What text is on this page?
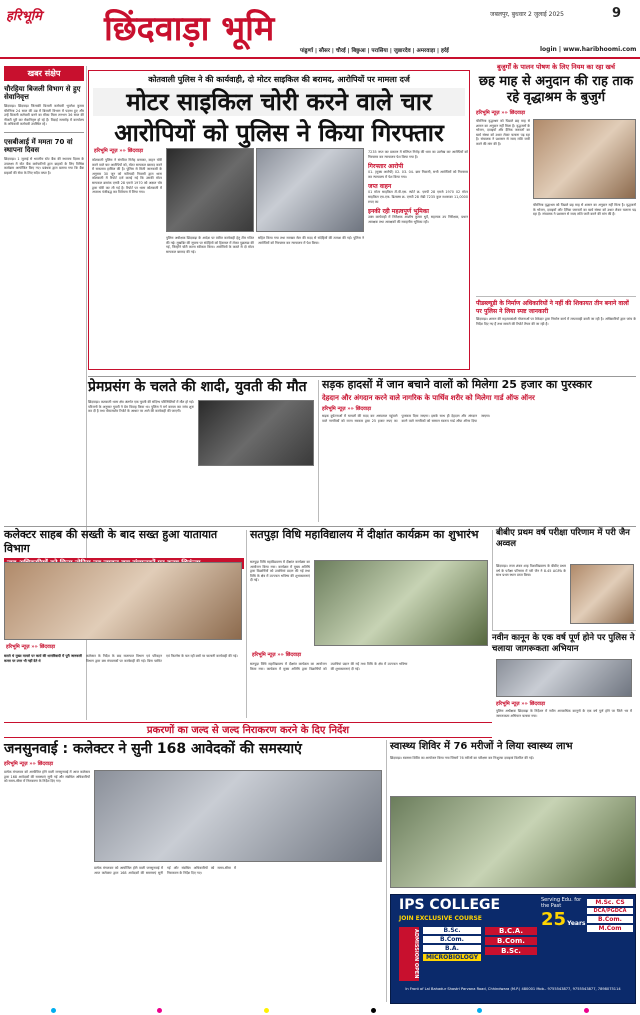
हरिभूमि छिंदवाड़ा भूमि	जबलपुर, बुधवार 2 जुलाई 2025	9
login | www.haribhoomi.com
पांढुर्णा | सौसर | चौरई | बिछुआ | परासिया | जुन्नारदेव | अमरवाड़ा | हर्रई
खबर संक्षेप
चौरहिया बिजली विभाग से हुए सेवानिवृत्त
छिंदवाड़ा। छिंदवाड़ा जिलाकी बिजली कर्मचारी भुवनेश कुमार चौरसिया 24 साल की उम्र में बिजली विभाग में पदस्थ हुए और उन्हें बिजली कर्मचारी बनने का मौका मिला लगभग 36 साल की नौकरी पूरी कर सेवानिवृत्त हो रहे हैं। विदाई समारोह में कार्यालय के अधिकारी कर्मचारी उपस्थित रहे।
एसबीआई में ममता 70 वां स्थापना दिवस
छिंदवाड़ा। 1 जुलाई से भारतीय स्टेट बैंक की स्थापना दिवस के उपलक्ष्य में स्टेट बैंक कर्मचारियों द्वारा ग्राहकों के लिए विभिन्न कार्यक्रम आयोजित किए गए। प्रबंधक द्वारा बताया गया कि बैंक ग्राहकों की सेवा के लिए सदैव तत्पर है।
कोतवाली पुलिस ने की कार्यवाही, दो मोटर साइकिल की बरामद, आरोपियों पर मामला दर्ज
मोटर साइकिल चोरी करने वाले चार
आरोपियों को पुलिस ने किया गिरफ्तार
हरिभूमि न्यूज़ »» छिंदवाड़ा
कोतवाली पुलिस ने संगठित गिरोह बनाकर, वाहन चोरी करने वाले चार आरोपियों को, मोटर सायकल बरामद करने में सफलता हासिल की है। पुलिस से मिली जानकारी के अनुसार 30 जून को फरियादी निवासी द्वारा थाना कोतवाली में रिपोर्ट दर्ज कराई गई कि उसकी मोटर सायकल क्रमांक एमपी 28 एमजे 1970 को अज्ञात चोर द्वारा चोरी कर ली गई है। रिपोर्ट पर थाना कोतवाली में अपराध पंजीबद्ध कर विवेचना में लिया गया।
पुलिस अधीक्षक छिंदवाड़ा के आदेश पर त्वरित कार्यवाही हेतु टीम गठित की गई। मुखबिर की सूचना पर संदेहियों को हिरासत में लेकर पूछताछ की गई, जिन्होंने चोरी करना स्वीकार किया। आरोपियों के कब्जे से दो मोटर सायकल बरामद की गई।
सहित किया गया तथा सायबर सेल की मदद से संदेहियों की तलाश की गई। पुलिस ने आरोपियों को गिरफ्तार कर न्यायालय में पेश किया।
7235 जप्त कर प्रकरण में संलिप्त गिरोह की धारा का उल्लेख कर आरोपियों को गिरफ्तार कर न्यायालय पेश किया गया है।
गिरफ्तार आरोपी
01. (मुख्य आरोपी) 02. 03. 04. ग्राम निवासी, सभी आरोपियों को गिरफ्तार कर न्यायालय में पेश किया गया।
जप्त वाहन
01 मोटर साइकिल टी.वी.एस. स्पोर्ट क्र. एमपी 28 एमजे 1970 02 मोटर साइकिल एच.एफ. डिलक्स क्र. एमपी 28 जेडी 7235 कुल मशरूका 11,0000 रुपए का
इनकी रही महत्वपूर्ण भूमिका
उक्त कार्यवाही में निरीक्षक आशीष कुमार धुर्वे, सहायक उप निरीक्षक, प्रधान आरक्षक तथा आरक्षकों की सराहनीय भूमिका रही।
बुजुर्गों के पालन पोषण के लिए नियम का रहा खर्च
छह माह से अनुदान की राह ताक रहे वृद्धाश्रम के बुजुर्ग
हरिभूमि न्यूज़ »» छिंदवाड़ा
चौरसिया वृद्धाश्रम को पिछले छह माह से शासन का अनुदान नहीं मिला है। वृद्धजनों के भोजन, दवाइयों और दैनिक जरूरतों का खर्च संस्था को उधार लेकर चलाना पड़ रहा है। संचालक ने प्रशासन से जल्द राशि जारी करने की मांग की है।
चौरसिया वृद्धाश्रम को पिछले छह माह से शासन का अनुदान नहीं मिला है। वृद्धजनों के भोजन, दवाइयों और दैनिक जरूरतों का खर्च संस्था को उधार लेकर चलाना पड़ रहा है। संचालक ने प्रशासन से जल्द राशि जारी करने की मांग की है।
पीडब्ल्यूडी के निर्माण अधिकारियों ने नहीं की शिकायत तीन बनाने वालों पर पुलिस ने लिया स्पष्ट जानकारी
छिंदवाड़ा। शासन की महत्वाकांक्षी योजनाओं पर ठेकेदार द्वारा निर्माण कार्य में लापरवाही बरती जा रही है। अधिकारियों द्वारा जांच के निर्देश दिए गए हैं तथा मामले की रिपोर्ट तैयार की जा रही है।
प्रेमप्रसंग के चलते की शादी, युवती की मौत
छिंदवाड़ा। कतवाली थाना क्षेत्र अंतर्गत एक युवती की संदिग्ध परिस्थितियों में मौत हो गई। परिजनों के अनुसार युवती ने प्रेम विवाह किया था। पुलिस ने मर्ग कायम कर जांच शुरू कर दी है तथा पोस्टमार्टम रिपोर्ट के आधार पर आगे की कार्यवाही की जाएगी।
सड़क हादसों में जान बचाने वालों को मिलेगा 25 हजार का पुरस्कार
देहदान और अंगदान करने वाले नागरिक के पार्थिव शरीर को मिलेगा गार्ड ऑफ ऑनर
हरिभूमि न्यूज़ »» छिंदवाड़ा
सड़क दुर्घटनाओं में घायलों की मदद कर अस्पताल पहुंचाने वाले नागरिकों को राज्य सरकार द्वारा 25 हजार रुपए का पुरस्कार दिया जाएगा। इसके साथ ही देहदान और अंगदान करने वाले नागरिकों को सम्मान स्वरूप गार्ड ऑफ ऑनर दिया जाएगा।
कलेक्टर साहब की सख्ती के बाद सख्त हुआ यातायात विभाग
हरिभूमि न्यूज़ »» छिंदवाड़ा
बताते थे मुख्य मामले पर कार्य की धाराविवादी में पूरी जानकारी कमरा पर उत्तर भी नहीं देते थे
कलेक्टर के निर्देश के बाद यातायात विभाग एवं परिवहन विभाग द्वारा बस संचालकों पर कार्यवाही की गई। बिना परमिट एवं फिटनेस के चल रही बसों पर चालानी कार्यवाही की गई।
सतपुड़ा विधि महाविद्यालय में दीक्षांत कार्यक्रम का शुभारंभ
सतपुड़ा विधि महाविद्यालय में दीक्षांत कार्यक्रम का आयोजन किया गया। कार्यक्रम में मुख्य अतिथि द्वारा विद्यार्थियों को उपाधियां प्रदान की गईं तथा विधि के क्षेत्र में उज्ज्वल भविष्य की शुभकामनाएं दी गईं।
हरिभूमि न्यूज़ »» छिंदवाड़ा
सतपुड़ा विधि महाविद्यालय में दीक्षांत कार्यक्रम का आयोजन किया गया। कार्यक्रम में मुख्य अतिथि द्वारा विद्यार्थियों को उपाधियां प्रदान की गईं तथा विधि के क्षेत्र में उज्ज्वल भविष्य की शुभकामनाएं दी गईं।
बीबीए प्रथम वर्ष परीक्षा परिणाम में परी जैन अव्वल
छिंदवाड़ा। राजा शंकर शाह विश्वविद्यालय के बीबीए प्रथम वर्ष के परीक्षा परिणाम में परी जैन ने 8.45 AGPA के साथ प्रथम स्थान प्राप्त किया।
नवीन कानून के एक वर्ष पूर्ण होने पर पुलिस ने चलाया जागरूकता अभियान
हरिभूमि न्यूज़ »» छिंदवाड़ा
पुलिस अधीक्षक छिंदवाड़ा के निर्देशन में नवीन आपराधिक कानूनों के एक वर्ष पूर्ण होने पर जिले भर में जागरूकता अभियान चलाया गया।
प्रकरणों का जल्द से जल्द निराकरण करने के दिए निर्देश
जनसुनवाई : कलेक्टर ने सुनी 168 आवेदकों की समस्याएं
हरिभूमि न्यूज़ »» छिंदवाड़ा
प्रत्येक मंगलवार को आयोजित होने वाली जनसुनवाई में आज कलेक्टर द्वारा 168 आवेदकों की समस्याएं सुनी गईं और संबंधित अधिकारियों को समय-सीमा में निराकरण के निर्देश दिए गए।
प्रत्येक मंगलवार को आयोजित होने वाली जनसुनवाई में आज कलेक्टर द्वारा 168 आवेदकों की समस्याएं सुनी गईं और संबंधित अधिकारियों को समय-सीमा में निराकरण के निर्देश दिए गए।
स्वास्थ्य शिविर में 76 मरीजों ने लिया स्वास्थ्य लाभ
छिंदवाड़ा। स्वास्थ्य शिविर का आयोजन किया गया जिसमें 76 मरीजों का परीक्षण कर निःशुल्क दवाइयां वितरित की गईं।
IPS COLLEGE
JOIN EXCLUSIVE COURSE
Serving Edu. for the Past
25Years
ADMISSION OPEN	B.Sc.
B.Com.
B.A.
MICROBIOLOGY
B.C.A.
B.Com.
B.Sc.
M.Sc. CS
DCA/PGDCA
B.Com.
M.Com
In Front of Lal Bahadur Shastri Parvana Road, Chhindwara (M.P.) 480001 Mob.- 9755543877, 9755543877, 7898075114
